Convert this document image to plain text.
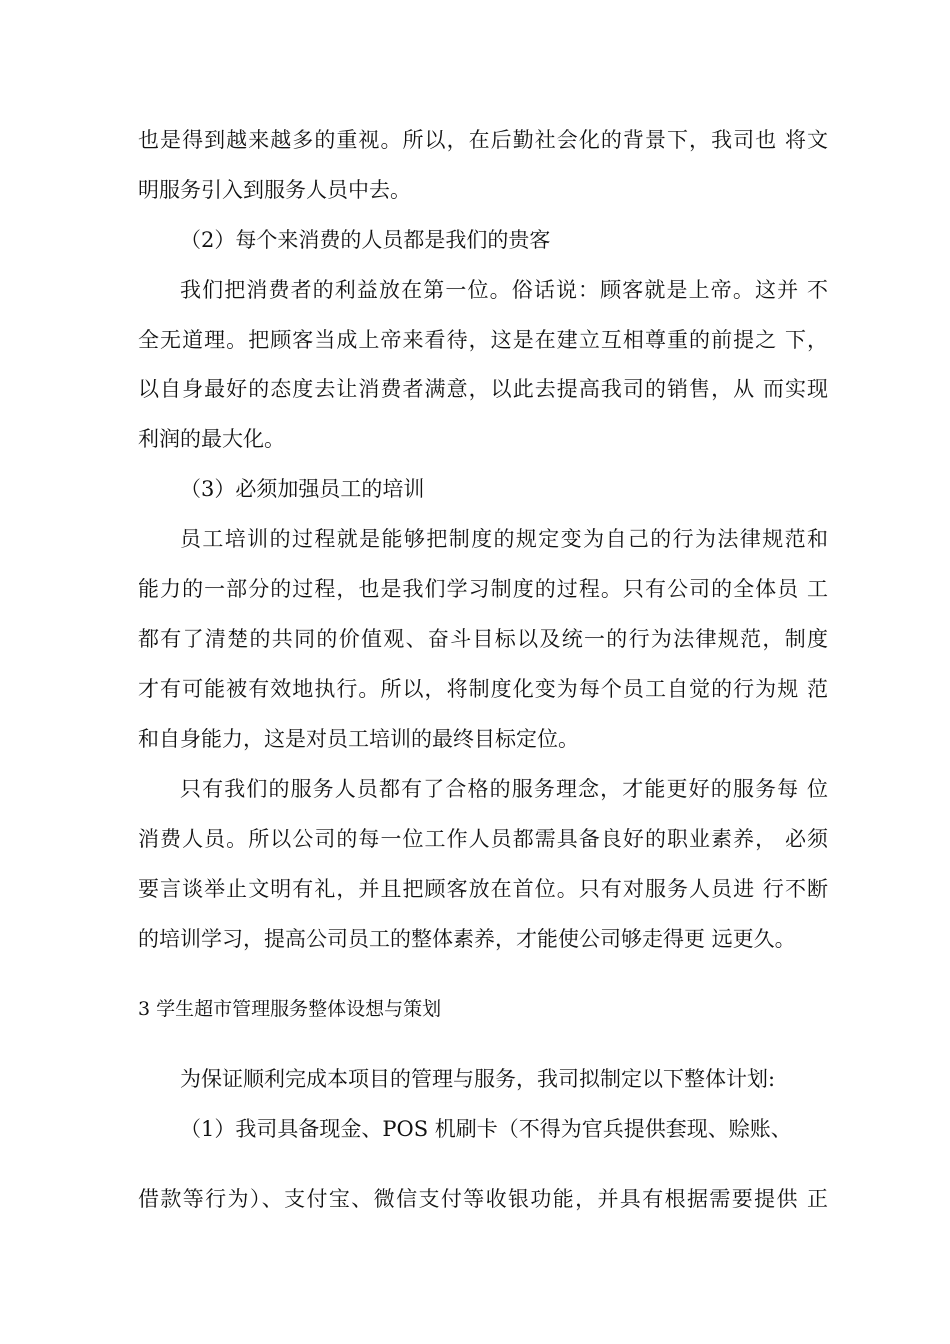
也是得到越来越多的重视。所以，在后勤社会化的背景下，我司也 将文
明服务引入到服务人员中去。
（2）每个来消费的人员都是我们的贵客
我们把消费者的利益放在第一位。俗话说：顾客就是上帝。这并 不
全无道理。把顾客当成上帝来看待，这是在建立互相尊重的前提之 下，
以自身最好的态度去让消费者满意，以此去提高我司的销售，从 而实现
利润的最大化。
（3）必须加强员工的培训
员工培训的过程就是能够把制度的规定变为自己的行为法律规范和
能力的一部分的过程，也是我们学习制度的过程。只有公司的全体员 工
都有了清楚的共同的价值观、奋斗目标以及统一的行为法律规范，制度
才有可能被有效地执行。所以，将制度化变为每个员工自觉的行为规 范
和自身能力，这是对员工培训的最终目标定位。
只有我们的服务人员都有了合格的服务理念，才能更好的服务每 位
消费人员。所以公司的每一位工作人员都需具备良好的职业素养， 必须
要言谈举止文明有礼，并且把顾客放在首位。只有对服务人员进 行不断
的培训学习，提高公司员工的整体素养，才能使公司够走得更 远更久。
3 学生超市管理服务整体设想与策划
为保证顺利完成本项目的管理与服务，我司拟制定以下整体计划:
（1）我司具备现金、POS 机刷卡（不得为官兵提供套现、赊账、
借款等行为）、支付宝、微信支付等收银功能，并具有根据需要提供 正
